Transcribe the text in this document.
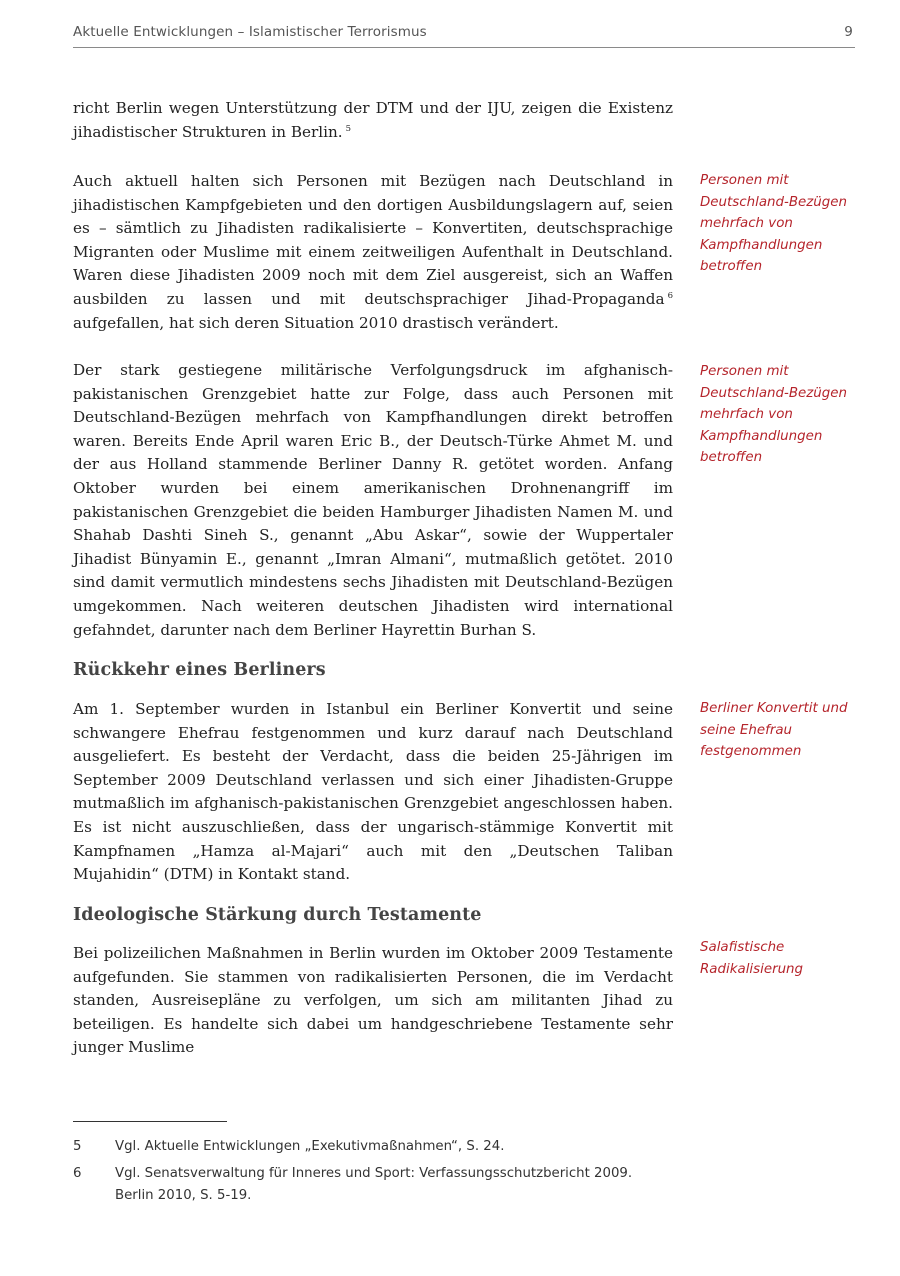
Aktuelle Entwicklungen – Islamistischer Terrorismus	9

richt Berlin wegen Unterstützung der DTM und der IJU, zeigen die Existenz jihadistischer Strukturen in Berlin. $^5$

Auch aktuell halten sich Personen mit Bezügen nach Deutschland in jihadistischen Kampfgebieten und den dortigen Ausbildungslagern auf, seien es – sämtlich zu Jihadisten radikalisierte – Konvertiten, deutschsprachige Migranten oder Muslime mit einem zeitweiligen Aufenthalt in Deutschland. Waren diese Jihadisten 2009 noch mit dem Ziel ausgereist, sich an Waffen ausbilden zu lassen und mit deutschsprachiger Jihad-Propaganda $^6$ aufgefallen, hat sich deren Situation 2010 drastisch verändert.

Der stark gestiegene militärische Verfolgungsdruck im afghanisch-pakistanischen Grenzgebiet hatte zur Folge, dass auch Personen mit Deutschland-Bezügen mehrfach von Kampfhandlungen direkt betroffen waren. Bereits Ende April waren Eric B., der Deutsch-Türke Ahmet M. und der aus Holland stammende Berliner Danny R. getötet worden. Anfang Oktober wurden bei einem amerikanischen Drohnenangriff im pakistanischen Grenzgebiet die beiden Hamburger Jihadisten Namen M. und Shahab Dashti Sineh S., genannt „Abu Askar“, sowie der Wuppertaler Jihadist Bünyamin E., genannt „Imran Almani“, mutmaßlich getötet. 2010 sind damit vermutlich mindestens sechs Jihadisten mit Deutschland-Bezügen umgekommen. Nach weiteren deutschen Jihadisten wird international gefahndet, darunter nach dem Berliner Hayrettin Burhan S.

Rückkehr eines Berliners

Am 1. September wurden in Istanbul ein Berliner Konvertit und seine schwangere Ehefrau festgenommen und kurz darauf nach Deutschland ausgeliefert. Es besteht der Verdacht, dass die beiden 25-Jährigen im September 2009 Deutschland verlassen und sich einer Jihadisten-Gruppe mutmaßlich im afghanisch-pakistanischen Grenzgebiet angeschlossen haben. Es ist nicht auszuschließen, dass der ungarisch-stämmige Konvertit mit Kampfnamen „Hamza al-Majari“ auch mit den „Deutschen Taliban Mujahidin“ (DTM) in Kontakt stand.

Ideologische Stärkung durch Testamente

Bei polizeilichen Maßnahmen in Berlin wurden im Oktober 2009 Testamente aufgefunden. Sie stammen von radikalisierten Personen, die im Verdacht standen, Ausreisepläne zu verfolgen, um sich am militanten Jihad zu beteiligen. Es handelte sich dabei um handgeschriebene Testamente sehr junger Muslime

Personen mit Deutschland-Bezügen mehrfach von Kampfhandlungen betroffen

Personen mit Deutschland-Bezügen mehrfach von Kampfhandlungen betroffen

Berliner Konvertit und seine Ehefrau festgenommen

Salafistische Radikalisierung

5	Vgl. Aktuelle Entwicklungen „Exekutivmaßnahmen“, S. 24.
6	Vgl. Senatsverwaltung für Inneres und Sport: Verfassungsschutzbericht 2009. Berlin 2010, S. 5-19.
